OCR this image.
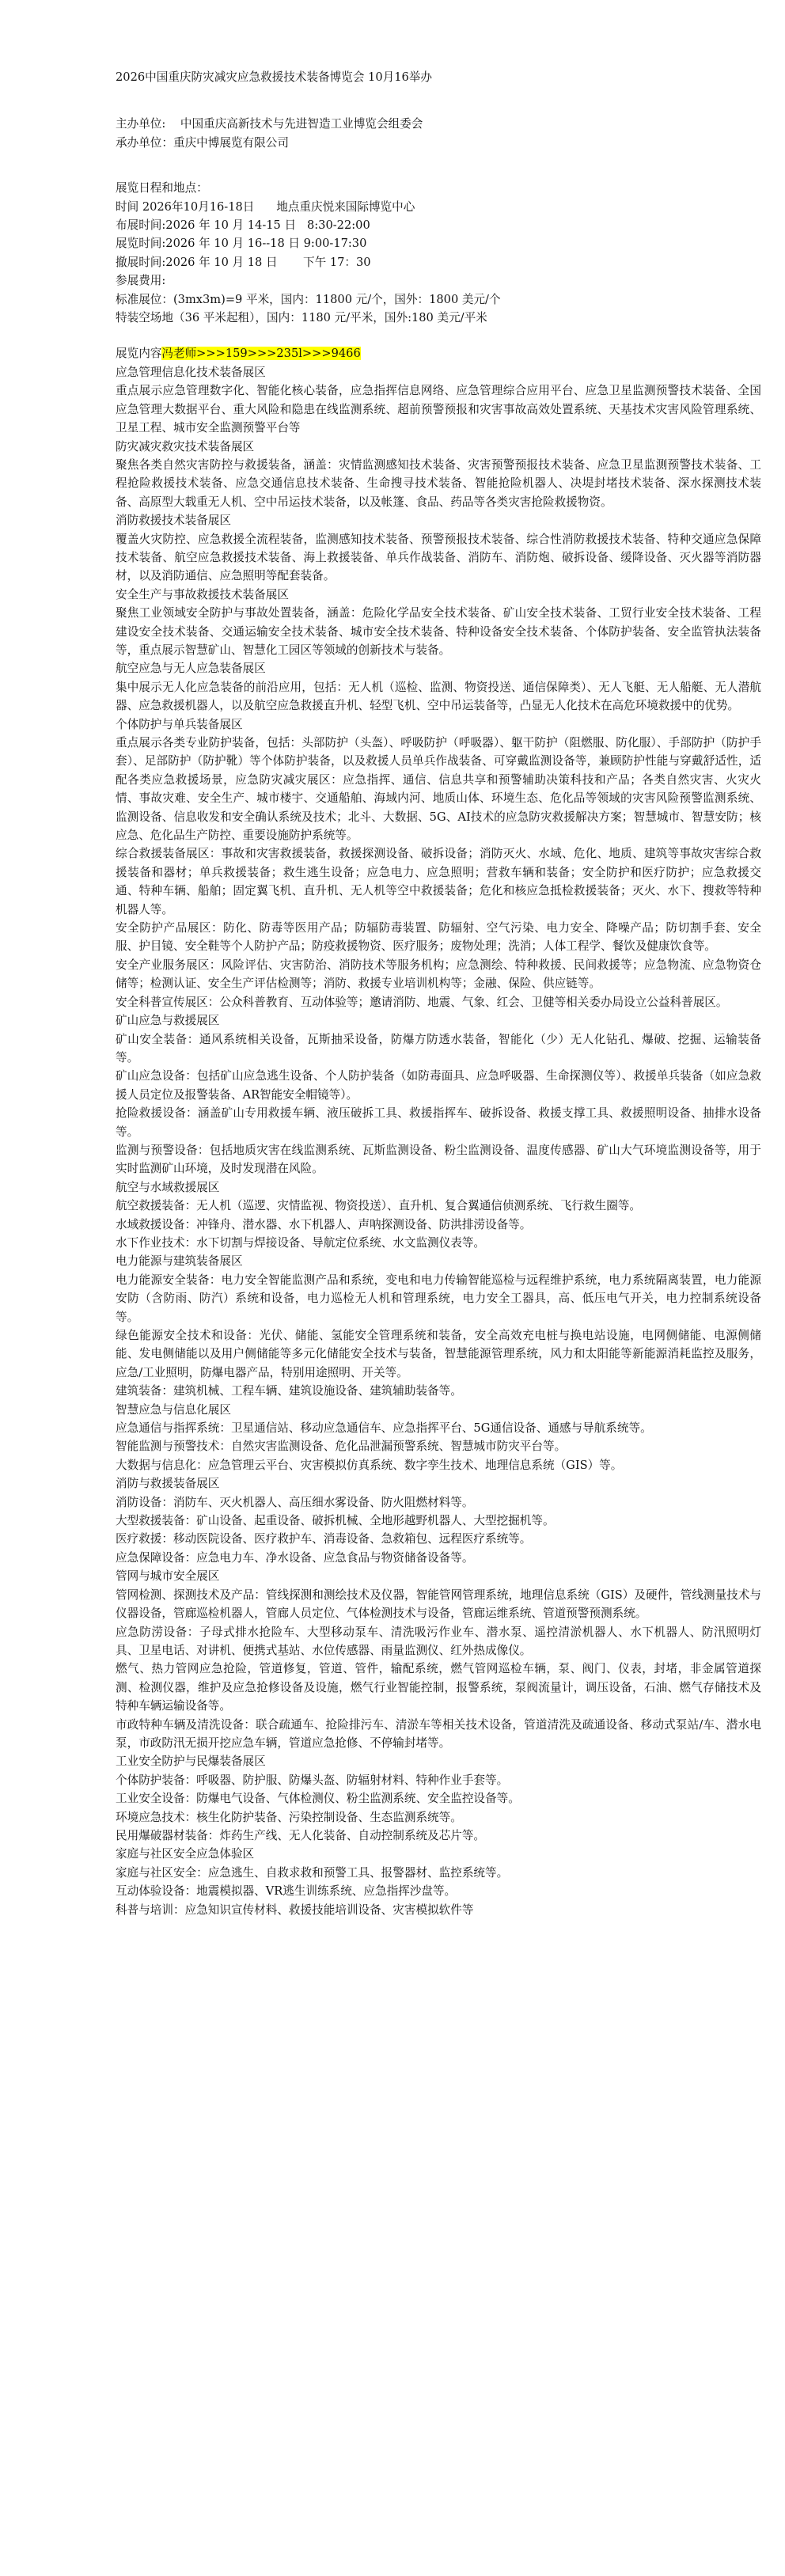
2026中国重庆防灾减灾应急救援技术装备博览会 10月16举办
主办单位:    中国重庆高新技术与先进智造工业博览会组委会
承办单位：重庆中博展览有限公司
展览日程和地点：
时间 2026年10月16-18日      地点重庆悦来国际博览中心
布展时间:2026 年 10 月 14-15 日   8:30-22:00
展览时间:2026 年 10 月 16--18 日 9:00-17:30
撤展时间:2026 年 10 月 18 日       下午 17：30
参展费用:
标准展位：(3mx3m)=9 平米，国内：11800 元/个，国外：1800 美元/个
特装空场地（36 平米起租），国内：1180 元/平米，国外:180 美元/平米
展览内容冯老师>>>159>>>235l>>>9466
应急管理信息化技术装备展区
重点展示应急管理数字化、智能化核心装备，应急指挥信息网络、应急管理综合应用平台、应急卫星监测预警技术装备、全国应急管理大数据平台、重大风险和隐患在线监测系统、超前预警预报和灾害事故高效处置系统、天基技术灾害风险管理系统、卫星工程、城市安全监测预警平台等
防灾减灾救灾技术装备展区
聚焦各类自然灾害防控与救援装备，涵盖：灾情监测感知技术装备、灾害预警预报技术装备、应急卫星监测预警技术装备、工程抢险救援技术装备、应急交通信息技术装备、生命搜寻技术装备、智能抢险机器人、决堤封堵技术装备、深水探测技术装备、高原型大载重无人机、空中吊运技术装备，以及帐篷、食品、药品等各类灾害抢险救援物资。
消防救援技术装备展区
覆盖火灾防控、应急救援全流程装备，监测感知技术装备、预警预报技术装备、综合性消防救援技术装备、特种交通应急保障技术装备、航空应急救援技术装备、海上救援装备、单兵作战装备、消防车、消防炮、破拆设备、缓降设备、灭火器等消防器材，以及消防通信、应急照明等配套装备。
安全生产与事故救援技术装备展区
聚焦工业领域安全防护与事故处置装备，涵盖：危险化学品安全技术装备、矿山安全技术装备、工贸行业安全技术装备、工程建设安全技术装备、交通运输安全技术装备、城市安全技术装备、特种设备安全技术装备、个体防护装备、安全监管执法装备等，重点展示智慧矿山、智慧化工园区等领域的创新技术与装备。
航空应急与无人应急装备展区
集中展示无人化应急装备的前沿应用，包括：无人机（巡检、监测、物资投送、通信保障类）、无人飞艇、无人船艇、无人潜航器、应急救援机器人，以及航空应急救援直升机、轻型飞机、空中吊运装备等，凸显无人化技术在高危环境救援中的优势。
个体防护与单兵装备展区
重点展示各类专业防护装备，包括：头部防护（头盔）、呼吸防护（呼吸器）、躯干防护（阻燃服、防化服）、手部防护（防护手套）、足部防护（防护靴）等个体防护装备，以及救援人员单兵作战装备、可穿戴监测设备等，兼顾防护性能与穿戴舒适性，适配各类应急救援场景，应急防灾减灾展区：应急指挥、通信、信息共享和预警辅助决策科技和产品；各类自然灾害、火灾火情、事故灾难、安全生产、城市楼宇、交通船舶、海域内河、地质山体、环境生态、危化品等领域的灾害风险预警监测系统、监测设备、信息收发和安全确认系统及技术；北斗、大数据、5G、AI技术的应急防灾救援解决方案；智慧城市、智慧安防；核应急、危化品生产防控、重要设施防护系统等。
综合救援装备展区：事故和灾害救援装备，救援探测设备、破拆设备；消防灭火、水域、危化、地质、建筑等事故灾害综合救援装备和器材；单兵救援装备；救生逃生设备；应急电力、应急照明；营救车辆和装备；安全防护和医疗防护；应急救援交通、特种车辆、船舶；固定翼飞机、直升机、无人机等空中救援装备；危化和核应急抵检救援装备；灭火、水下、搜救等特种机器人等。
安全防护产品展区：防化、防毒等医用产品；防辐防毒装置、防辐射、空气污染、电力安全、降噪产品；防切割手套、安全服、护目镜、安全鞋等个人防护产品；防疫救援物资、医疗服务；废物处理；洗消；人体工程学、餐饮及健康饮食等。
安全产业服务展区：风险评估、灾害防治、消防技术等服务机构；应急测绘、特种救援、民间救援等；应急物流、应急物资仓储等；检测认证、安全生产评估检测等；消防、救援专业培训机构等；金融、保险、供应链等。
安全科普宣传展区：公众科普教育、互动体验等；邀请消防、地震、气象、红会、卫健等相关委办局设立公益科普展区。
矿山应急与救援展区
矿山安全装备：通风系统相关设备，瓦斯抽采设备，防爆方防透水装备，智能化（少）无人化钻孔、爆破、挖掘、运输装备等。
矿山应急设备：包括矿山应急逃生设备、个人防护装备（如防毒面具、应急呼吸器、生命探测仪等）、救援单兵装备（如应急救援人员定位及报警装备、AR智能安全帽镜等）。
抢险救援设备：涵盖矿山专用救援车辆、液压破拆工具、救援指挥车、破拆设备、救援支撑工具、救援照明设备、抽排水设备等。
监测与预警设备：包括地质灾害在线监测系统、瓦斯监测设备、粉尘监测设备、温度传感器、矿山大气环境监测设备等，用于实时监测矿山环境，及时发现潜在风险。
航空与水域救援展区
航空救援装备：无人机（巡逻、灾情监视、物资投送）、直升机、复合翼通信侦测系统、飞行救生圈等。
水域救援设备：冲锋舟、潜水器、水下机器人、声呐探测设备、防洪排涝设备等。
水下作业技术：水下切割与焊接设备、导航定位系统、水文监测仪表等。
电力能源与建筑装备展区
电力能源安全装备：电力安全智能监测产品和系统，变电和电力传输智能巡检与远程维护系统，电力系统隔离装置，电力能源安防（含防雨、防汽）系统和设备，电力巡检无人机和管理系统，电力安全工器具，高、低压电气开关，电力控制系统设备等。
绿色能源安全技术和设备：光伏、储能、氢能安全管理系统和装备，安全高效充电桩与换电站设施，电网侧储能、电源侧储能、发电侧储能以及用户侧储能等多元化储能安全技术与装备，智慧能源管理系统，风力和太阳能等新能源消耗监控及服务，应急/工业照明，防爆电器产品，特别用途照明、开关等。
建筑装备：建筑机械、工程车辆、建筑设施设备、建筑辅助装备等。
智慧应急与信息化展区
应急通信与指挥系统：卫星通信站、移动应急通信车、应急指挥平台、5G通信设备、通感与导航系统等。
智能监测与预警技术：自然灾害监测设备、危化品泄漏预警系统、智慧城市防灾平台等。
大数据与信息化：应急管理云平台、灾害模拟仿真系统、数字孪生技术、地理信息系统（GIS）等。
消防与救援装备展区
消防设备：消防车、灭火机器人、高压细水雾设备、防火阻燃材料等。
大型救援装备：矿山设备、起重设备、破拆机械、全地形越野机器人、大型挖掘机等。
医疗救援：移动医院设备、医疗救护车、消毒设备、急救箱包、远程医疗系统等。
应急保障设备：应急电力车、净水设备、应急食品与物资储备设备等。
管网与城市安全展区
管网检测、探测技术及产品：管线探测和测绘技术及仪器，智能管网管理系统，地理信息系统（GIS）及硬件，管线测量技术与仪器设备，管廊巡检机器人，管廊人员定位、气体检测技术与设备，管廊运维系统、管道预警预测系统。
应急防涝设备：子母式排水抢险车、大型移动泵车、清洗吸污作业车、潜水泵、遥控清淤机器人、水下机器人、防汛照明灯具、卫星电话、对讲机、便携式基站、水位传感器、雨量监测仪、红外热成像仪。
燃气、热力管网应急抢险，管道修复，管道、管件，输配系统，燃气管网巡检车辆，泵、阀门、仪表，封堵，非金属管道探测、检测仪器，维护及应急抢修设备及设施，燃气行业智能控制，报警系统，泵阀流量计，调压设备，石油、燃气存储技术及特种车辆运输设备等。
市政特种车辆及清洗设备：联合疏通车、抢险排污车、清淤车等相关技术设备，管道清洗及疏通设备、移动式泵站/车、潜水电泵，市政防汛无损开挖应急车辆，管道应急抢修、不停输封堵等。
工业安全防护与民爆装备展区
个体防护装备：呼吸器、防护服、防爆头盔、防辐射材料、特种作业手套等。
工业安全设备：防爆电气设备、气体检测仪、粉尘监测系统、安全监控设备等。
环境应急技术：核生化防护装备、污染控制设备、生态监测系统等。
民用爆破器材装备：炸药生产线、无人化装备、自动控制系统及芯片等。
家庭与社区安全应急体验区
家庭与社区安全：应急逃生、自救求救和预警工具、报警器材、监控系统等。
互动体验设备：地震模拟器、VR逃生训练系统、应急指挥沙盘等。
科普与培训：应急知识宣传材料、救援技能培训设备、灾害模拟软件等
